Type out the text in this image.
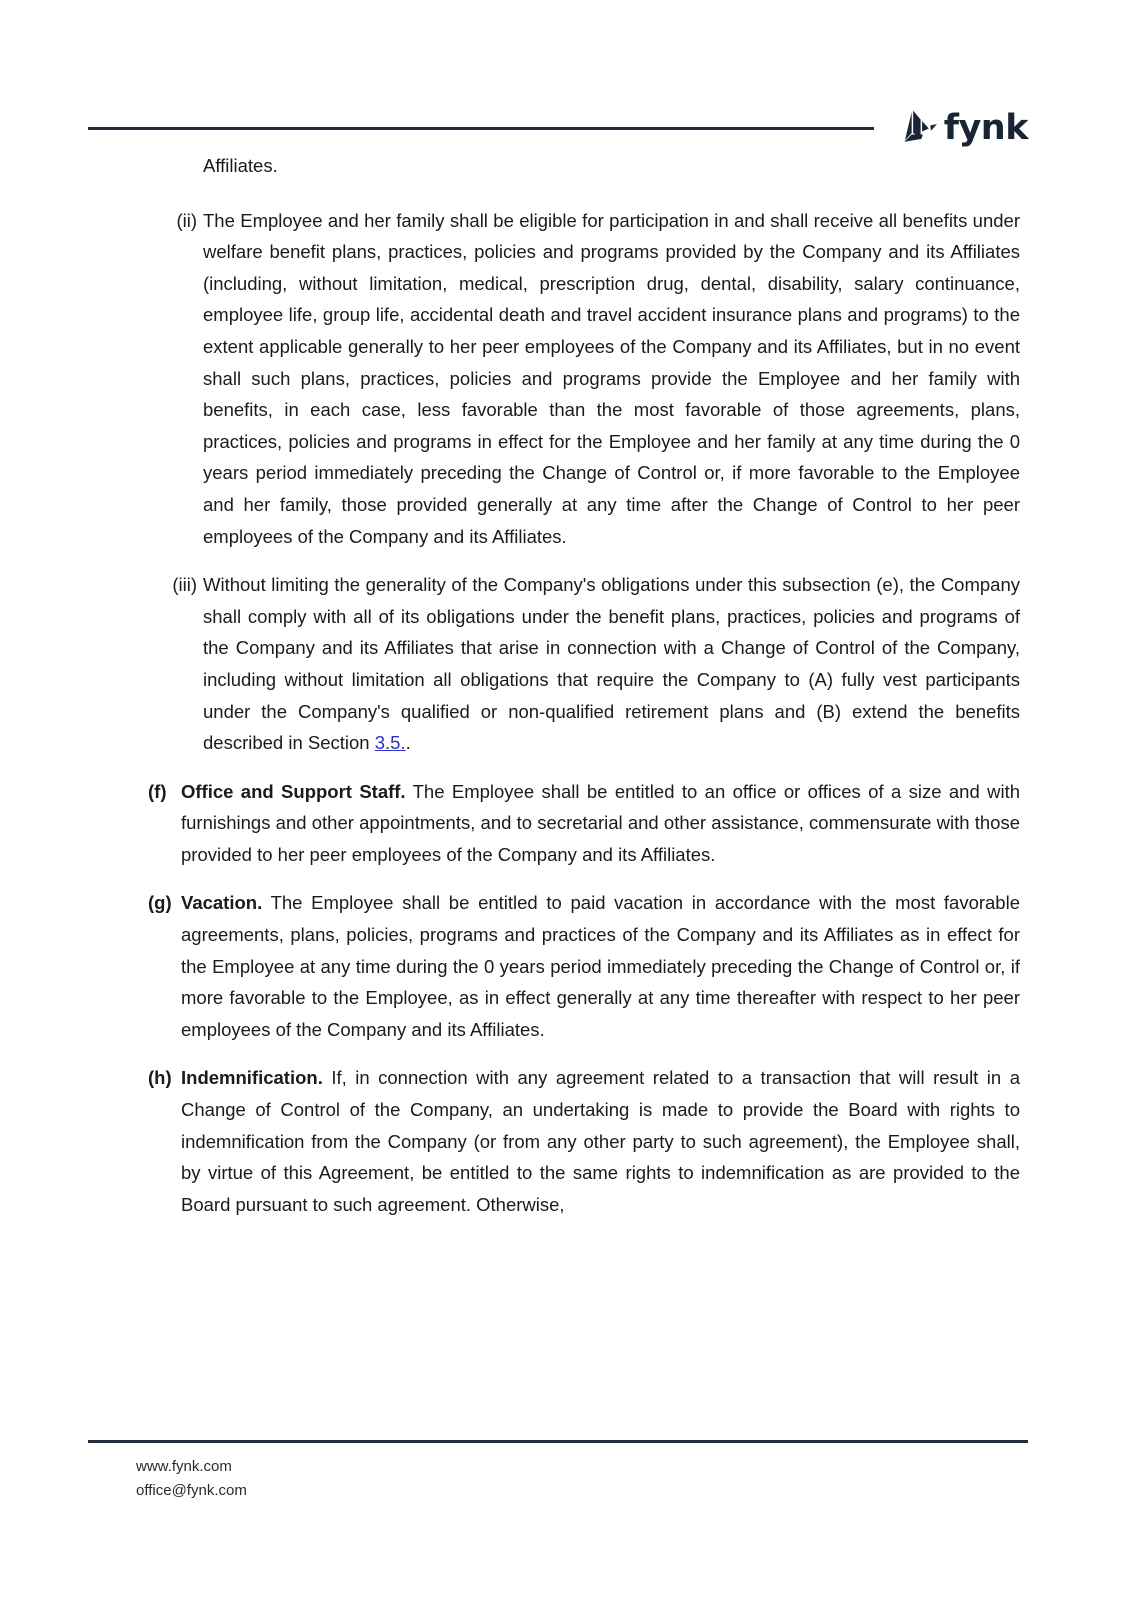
fynk

Affiliates.

(ii) The Employee and her family shall be eligible for participation in and shall receive all benefits under welfare benefit plans, practices, policies and programs provided by the Company and its Affiliates (including, without limitation, medical, prescription drug, dental, disability, salary continuance, employee life, group life, accidental death and travel accident insurance plans and programs) to the extent applicable generally to her peer employees of the Company and its Affiliates, but in no event shall such plans, practices, policies and programs provide the Employee and her family with benefits, in each case, less favorable than the most favorable of those agreements, plans, practices, policies and programs in effect for the Employee and her family at any time during the 0 years period immediately preceding the Change of Control or, if more favorable to the Employee and her family, those provided generally at any time after the Change of Control to her peer employees of the Company and its Affiliates.

(iii) Without limiting the generality of the Company's obligations under this subsection (e), the Company shall comply with all of its obligations under the benefit plans, practices, policies and programs of the Company and its Affiliates that arise in connection with a Change of Control of the Company, including without limitation all obligations that require the Company to (A) fully vest participants under the Company's qualified or non-qualified retirement plans and (B) extend the benefits described in Section 3.5..

(f) Office and Support Staff. The Employee shall be entitled to an office or offices of a size and with furnishings and other appointments, and to secretarial and other assistance, commensurate with those provided to her peer employees of the Company and its Affiliates.

(g) Vacation. The Employee shall be entitled to paid vacation in accordance with the most favorable agreements, plans, policies, programs and practices of the Company and its Affiliates as in effect for the Employee at any time during the 0 years period immediately preceding the Change of Control or, if more favorable to the Employee, as in effect generally at any time thereafter with respect to her peer employees of the Company and its Affiliates.

(h) Indemnification. If, in connection with any agreement related to a transaction that will result in a Change of Control of the Company, an undertaking is made to provide the Board with rights to indemnification from the Company (or from any other party to such agreement), the Employee shall, by virtue of this Agreement, be entitled to the same rights to indemnification as are provided to the Board pursuant to such agreement. Otherwise,

www.fynk.com
office@fynk.com
